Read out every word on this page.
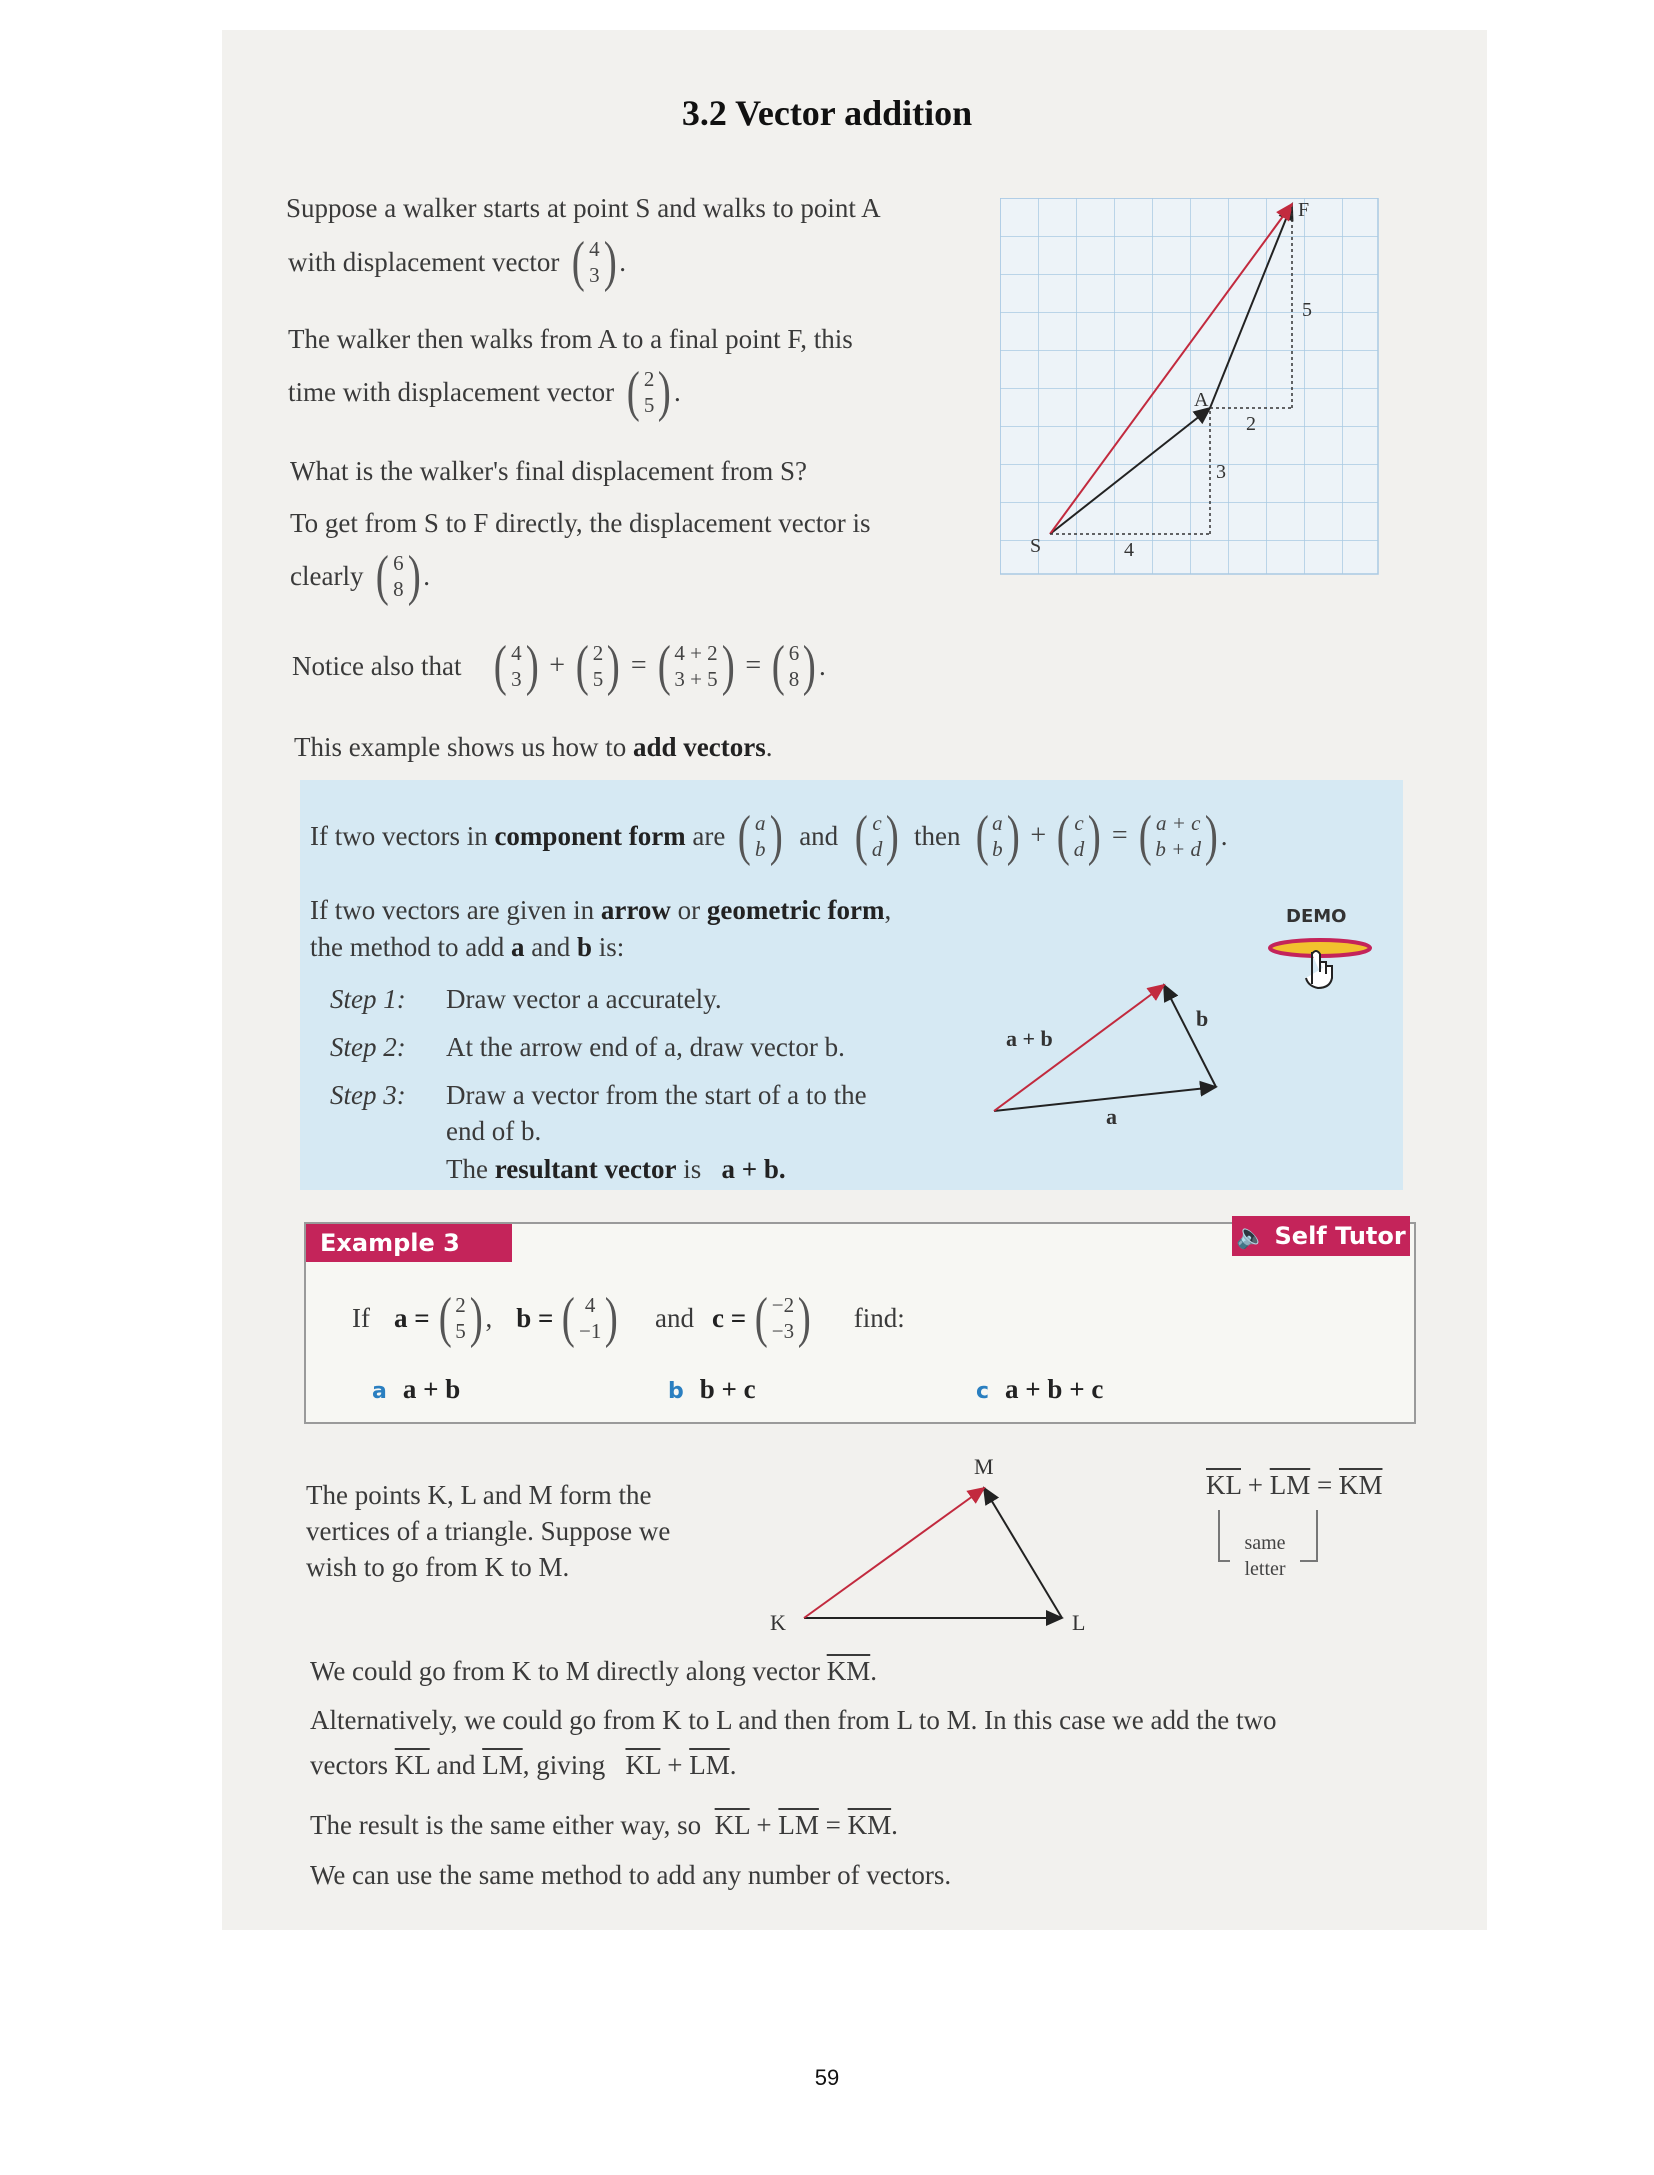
3.2 Vector addition
Suppose a walker starts at point S and walks to point A
with displacement vector ( 4
3 ) .
The walker then walks from A to a final point F, this
time with displacement vector ( 2
5 ) .
What is the walker's final displacement from S?
To get from S to F directly, the displacement vector is
clearly ( 6
8 ) .
Notice also that ( 4
3 ) + ( 2
5 ) = ( 4 + 2
3 + 5 ) = ( 6
8 ) .
This example shows us how to add vectors.
S
A
F
4
3
2
5
If two vectors in
component form
are ( a
b ) and ( c
d ) then ( a
b ) + ( c
d ) = ( a + c
b + d ) .
If two vectors are given in arrow or geometric form,
the method to add a and b is:
Step 1: Draw vector a accurately.
Step 2: At the arrow end of a, draw vector b.
Step 3: Draw a vector from the start of a to the
end of b.
The resultant vector is a + b.
a + b
a
b
DEMO
Example 3	🔈 Self Tutor
If a = ( 2
5 ) , b = ( 4
−1 ) and c = ( −2
−3 ) find:
a a + b	b b + c	c a + b + c
The points K, L and M form the
vertices of a triangle. Suppose we
wish to go from K to M.
K	L
M
$\overline{KL} + \overline{LM} = \overline{KM}$
same
letter
We could go from K to M directly along vector $\overline{KM}$.
Alternatively, we could go from K to L and then from L to M. In this case we add the two
vectors $\overline{KL}$ and $\overline{LM}$, giving $\overline{KL} + \overline{LM}$.
The result is the same either way, so $\overline{KL} + \overline{LM} = \overline{KM}$.
We can use the same method to add any number of vectors.
59
